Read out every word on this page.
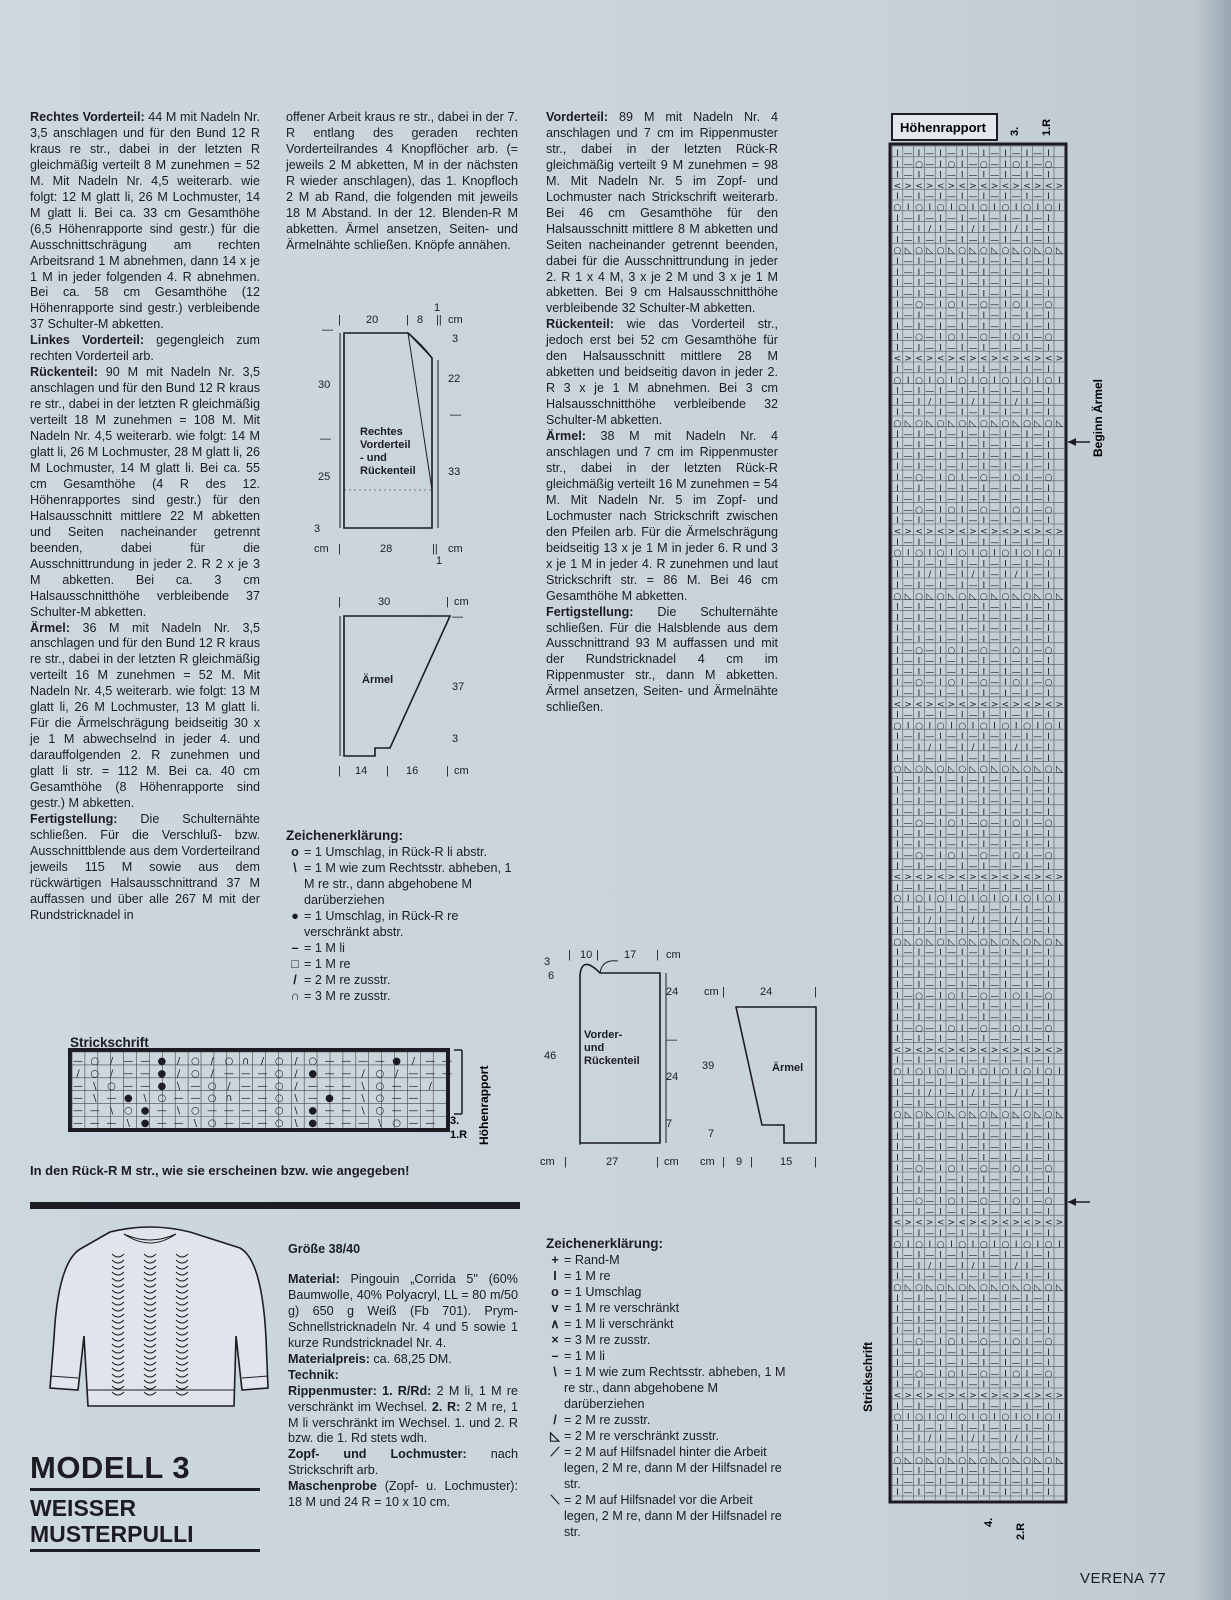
Rechtes Vorderteil: 44 M mit Nadeln Nr. 3,5 anschlagen und für den Bund 12 R kraus re str., dabei in der letzten R gleichmäßig verteilt 8 M zunehmen = 52 M. Mit Nadeln Nr. 4,5 weiterarb. wie folgt: 12 M glatt li, 26 M Lochmuster, 14 M glatt li. Bei ca. 33 cm Gesamthöhe (6,5 Höhenrapporte sind gestr.) für die Ausschnittschrägung am rechten Arbeitsrand 1 M abnehmen, dann 14 x je 1 M in jeder folgenden 4. R abnehmen. Bei ca. 58 cm Gesamthöhe (12 Höhenrapporte sind gestr.) verbleibende 37 Schulter-M abketten.

Linkes Vorderteil: gegengleich zum rechten Vorderteil arb.

Rückenteil: 90 M mit Nadeln Nr. 3,5 anschlagen und für den Bund 12 R kraus re str., dabei in der letzten R gleichmäßig verteilt 18 M zunehmen = 108 M. Mit Nadeln Nr. 4,5 weiterarb. wie folgt: 14 M glatt li, 26 M Lochmuster, 28 M glatt li, 26 M Lochmuster, 14 M glatt li. Bei ca. 55 cm Gesamthöhe (4 R des 12. Höhenrapportes sind gestr.) für den Halsausschnitt mittlere 22 M abketten und Seiten nacheinander getrennt beenden, dabei für die Ausschnittrundung in jeder 2. R 2 x je 3 M abketten. Bei ca. 3 cm Halsausschnitthöhe verbleibende 37 Schulter-M abketten.

Ärmel: 36 M mit Nadeln Nr. 3,5 anschlagen und für den Bund 12 R kraus re str., dabei in der letzten R gleichmäßig verteilt 16 M zunehmen = 52 M. Mit Nadeln Nr. 4,5 weiterarb. wie folgt: 13 M glatt li, 26 M Lochmuster, 13 M glatt li. Für die Ärmelschrägung beidseitig 30 x je 1 M abwechselnd in jeder 4. und darauffolgenden 2. R zunehmen und glatt li str. = 112 M. Bei ca. 40 cm Gesamthöhe (8 Höhenrapporte sind gestr.) M abketten.

Fertigstellung: Die Schulternähte schließen. Für die Verschluß- bzw. Ausschnittblende aus dem Vorderteilrand jeweils 115 M sowie aus dem rückwärtigen Halsausschnittrand 37 M auffassen und über alle 267 M mit der Rundstricknadel in

offener Arbeit kraus re str., dabei in der 7. R entlang des geraden rechten Vorderteilrandes 4 Knopflöcher arb. (= jeweils 2 M abketten, M in der nächsten R wieder anschlagen), das 1. Knopfloch 2 M ab Rand, die folgenden mit jeweils 18 M Abstand. In der 12. Blenden-R M abketten. Ärmel ansetzen, Seiten- und Ärmelnähte schließen. Knöpfe annähen.

Vorderteil: 89 M mit Nadeln Nr. 4 anschlagen und 7 cm im Rippenmuster str., dabei in der letzten Rück-R gleichmäßig verteilt 9 M zunehmen = 98 M. Mit Nadeln Nr. 5 im Zopf- und Lochmuster nach Strickschrift weiterarb. Bei 46 cm Gesamthöhe für den Halsausschnitt mittlere 8 M abketten und Seiten nacheinander getrennt beenden, dabei für die Ausschnittrundung in jeder 2. R 1 x 4 M, 3 x je 2 M und 3 x je 1 M abketten. Bei 9 cm Halsausschnitthöhe verbleibende 32 Schulter-M abketten.

Rückenteil: wie das Vorderteil str., jedoch erst bei 52 cm Gesamthöhe für den Halsausschnitt mittlere 28 M abketten und beidseitig davon in jeder 2. R 3 x je 1 M abnehmen. Bei 3 cm Halsausschnitthöhe verbleibende 32 Schulter-M abketten.

Ärmel: 38 M mit Nadeln Nr. 4 anschlagen und 7 cm im Rippenmuster str., dabei in der letzten Rück-R gleichmäßig verteilt 16 M zunehmen = 54 M. Mit Nadeln Nr. 5 im Zopf- und Lochmuster nach Strickschrift zwischen den Pfeilen arb. Für die Ärmelschrägung beidseitig 13 x je 1 M in jeder 6. R und 3 x je 1 M in jeder 4. R zunehmen und laut Strickschrift str. = 86 M. Bei 46 cm Gesamthöhe M abketten.

Fertigstellung: Die Schulternähte schließen. Für die Halsblende aus dem Ausschnittrand 93 M auffassen und mit der Rundstricknadel 4 cm im Rippenmuster str., dann M abketten. Ärmel ansetzen, Seiten- und Ärmelnähte schließen.

| 20	| 8
1
|| cm
—
3
22
—
33
30
—
25
3
cm |	28	|| cm
1
Rechtes
Vorderteil
- und
Rückenteil
|	30	| cm
—
37
3
| 14 | 16	| cm
Ärmel
Zeichenerklärung:
o = 1 Umschlag, in Rück-R li abstr.
\ = 1 M wie zum Rechtsstr. abheben, 1 M re str., dann abgehobene M darüberziehen
● = 1 Umschlag, in Rück-R re verschränkt abstr.
– = 1 M li
□ = 1 M re
/ = 2 M re zusstr.
∩ = 3 M re zusstr.
Strickschrift
— ○ / — — ● / ○ / ○ ∩ / ○ / ○ — — — — ● / — —
/ ○ / — — ● / ○ / — — — ○ / ● — — / ○ / — — —
— \ ○ — — ● \ — ○ / — — ○ / — — — \ ○ — — /
— \ — ● \ ○ — — ○ ∩ — — ○ \ — ● — \ ○ — —
— — \ ○ ● — \ ○ — — — — ○ \ ● — — \ ○ — — —
— — — \ ● — — \ ○ — — — ○ \ ● — — — \ ○ — — 3.
1.R Höhenrapport
In den Rück-R M str., wie sie erscheinen bzw. wie angegeben!
MODELL 3
WEISSER
MUSTERPULLI

Größe 38/40

Material: Pingouin „Corrida 5" (60% Baumwolle, 40% Polyacryl, LL = 80 m/50 g) 650 g Weiß (Fb 701). Prym-Schnellstricknadeln Nr. 4 und 5 sowie 1 kurze Rundstricknadel Nr. 4.

Materialpreis: ca. 68,25 DM.

Technik:

Rippenmuster: 1. R/Rd: 2 M li, 1 M re verschränkt im Wechsel. 2. R: 2 M re, 1 M li verschränkt im Wechsel. 1. und 2. R bzw. die 1. Rd stets wdh.

Zopf- und Lochmuster: nach Strickschrift arb.

Maschenprobe (Zopf- u. Lochmuster): 18 M und 24 R = 10 x 10 cm.

| 10 | 17 | cm
3
6
46
24
—
24
7
cm |	27	| cm
Vorder-
und
Rückenteil
cm |	24	|
39
7
cm | 9 | 15 |
Ärmel
Zeichenerklärung:
+ = Rand-M
I = 1 M re
o = 1 Umschlag
v = 1 M re verschränkt
∧ = 1 M li verschränkt
× = 3 M re zusstr.
– = 1 M li
\ = 1 M wie zum Rechtsstr. abheben, 1 M re str., dann abgehobene M darüberziehen
/ = 2 M re zusstr.
◺ = 2 M re verschränkt zusstr.
⟋ = 2 M auf Hilfsnadel hinter die Arbeit legen, 2 M re, dann M der Hilfsnadel re str.
⟍ = 2 M auf Hilfsnadel vor die Arbeit legen, 2 M re, dann M der Hilfsnadel re str.
Höhenrapport 3. 1.R
I — I — I — I — I — I — I — I
I — ○ — I ○ I — ○ — I ○ I — ○
I — I — I — I — I — I — I — I
< > < > < > < > < > < > < > < >
I — I — I — I — I — I — I — I
○ I ○ I ○ I ○ I ○ I ○ I ○ I ○ I
I — I — I — I — I — I — I — I
I — I / I — I / I — I / I — I
I — I — I — I — I — I — I — I
○ ◺ ○ ◺ ○ ◺ ○ ◺ ○ ◺ ○ ◺ ○ ◺ ○ ◺
I — I — I — I — I — I — I — I
I — I — I — I — I — I — I — I
I — I — I — I — I — I — I — I
I — I — I — I — I — I — I — I
I — ○ — I ○ I — ○ — I ○ I — ○
I — I — I — I — I — I — I — I
I — I — I — I — I — I — I — I
I — ○ — I ○ I — ○ — I ○ I — ○
I — I — I — I — I — I — I — I
< > < > < > < > < > < > < > < >
I — I — I — I — I — I — I — I
○ I ○ I ○ I ○ I ○ I ○ I ○ I ○ I
I — I — I — I — I — I — I — I
I — I / I — I / I — I / I — I
I — I — I — I — I — I — I — I
○ ◺ ○ ◺ ○ ◺ ○ ◺ ○ ◺ ○ ◺ ○ ◺ ○ ◺
I — I — I — I — I — I — I — I
I — I — I — I — I — I — I — I
I — I — I — I — I — I — I — I
I — I — I — I — I — I — I — I
I — ○ — I ○ I — ○ — I ○ I — ○
I — I — I — I — I — I — I — I
I — I — I — I — I — I — I — I
I — ○ — I ○ I — ○ — I ○ I — ○
I — I — I — I — I — I — I — I
< > < > < > < > < > < > < > < >
I — I — I — I — I — I — I — I
○ I ○ I ○ I ○ I ○ I ○ I ○ I ○ I
I — I — I — I — I — I — I — I
I — I / I — I / I — I / I — I
I — I — I — I — I — I — I — I
○ ◺ ○ ◺ ○ ◺ ○ ◺ ○ ◺ ○ ◺ ○ ◺ ○ ◺
I — I — I — I — I — I — I — I
I — I — I — I — I — I — I — I
I — I — I — I — I — I — I — I
I — I — I — I — I — I — I — I
I — ○ — I ○ I — ○ — I ○ I — ○
I — I — I — I — I — I — I — I
I — I — I — I — I — I — I — I
I — ○ — I ○ I — ○ — I ○ I — ○
I — I — I — I — I — I — I — I
< > < > < > < > < > < > < > < >
I — I — I — I — I — I — I — I
○ I ○ I ○ I ○ I ○ I ○ I ○ I ○ I
I — I — I — I — I — I — I — I
I — I / I — I / I — I / I — I
I — I — I — I — I — I — I — I
○ ◺ ○ ◺ ○ ◺ ○ ◺ ○ ◺ ○ ◺ ○ ◺ ○ ◺
I — I — I — I — I — I — I — I
I — I — I — I — I — I — I — I
I — I — I — I — I — I — I — I
I — I — I — I — I — I — I — I
I — ○ — I ○ I — ○ — I ○ I — ○
I — I — I — I — I — I — I — I
I — I — I — I — I — I — I — I
I — ○ — I ○ I — ○ — I ○ I — ○
I — I — I — I — I — I — I — I
< > < > < > < > < > < > < > < >
I — I — I — I — I — I — I — I
○ I ○ I ○ I ○ I ○ I ○ I ○ I ○ I
I — I — I — I — I — I — I — I
I — I / I — I / I — I / I — I
I — I — I — I — I — I — I — I
○ ◺ ○ ◺ ○ ◺ ○ ◺ ○ ◺ ○ ◺ ○ ◺ ○ ◺
I — I — I — I — I — I — I — I
I — I — I — I — I — I — I — I
I — I — I — I — I — I — I — I
I — I — I — I — I — I — I — I
I — ○ — I ○ I — ○ — I ○ I — ○
I — I — I — I — I — I — I — I
I — I — I — I — I — I — I — I
I — ○ — I ○ I — ○ — I ○ I — ○
I — I — I — I — I — I — I — I
< > < > < > < > < > < > < > < >
I — I — I — I — I — I — I — I
○ I ○ I ○ I ○ I ○ I ○ I ○ I ○ I
I — I — I — I — I — I — I — I
I — I / I — I / I — I / I — I
I — I — I — I — I — I — I — I
○ ◺ ○ ◺ ○ ◺ ○ ◺ ○ ◺ ○ ◺ ○ ◺ ○ ◺
I — I — I — I — I — I — I — I
I — I — I — I — I — I — I — I
I — I — I — I — I — I — I — I
I — I — I — I — I — I — I — I
I — ○ — I ○ I — ○ — I ○ I — ○
I — I — I — I — I — I — I — I
I — I — I — I — I — I — I — I
I — ○ — I ○ I — ○ — I ○ I — ○
I — I — I — I — I — I — I — I
< > < > < > < > < > < > < > < >
I — I — I — I — I — I — I — I
○ I ○ I ○ I ○ I ○ I ○ I ○ I ○ I
I — I — I — I — I — I — I — I
I — I / I — I / I — I / I — I
I — I — I — I — I — I — I — I
○ ◺ ○ ◺ ○ ◺ ○ ◺ ○ ◺ ○ ◺ ○ ◺ ○ ◺
I — I — I — I — I — I — I — I
I — I — I — I — I — I — I — I
I — I — I — I — I — I — I — I
I — I — I — I — I — I — I — I
I — ○ — I ○ I — ○ — I ○ I — ○
I — I — I — I — I — I — I — I
I — I — I — I — I — I — I — I
I — ○ — I ○ I — ○ — I ○ I — ○
I — I — I — I — I — I — I — I
< > < > < > < > < > < > < > < >
I — I — I — I — I — I — I — I
○ I ○ I ○ I ○ I ○ I ○ I ○ I ○ I
I — I — I — I — I — I — I — I
I — I / I — I / I — I / I — I
I — I — I — I — I — I — I — I
○ ◺ ○ ◺ ○ ◺ ○ ◺ ○ ◺ ○ ◺ ○ ◺ ○ ◺
I — I — I — I — I — I — I — I
I — I — I — I — I — I — I — I
I — I — I — I — I — I — I — I
Beginn Ärmel
Strickschrift
4.
2.R
VERENA 77
